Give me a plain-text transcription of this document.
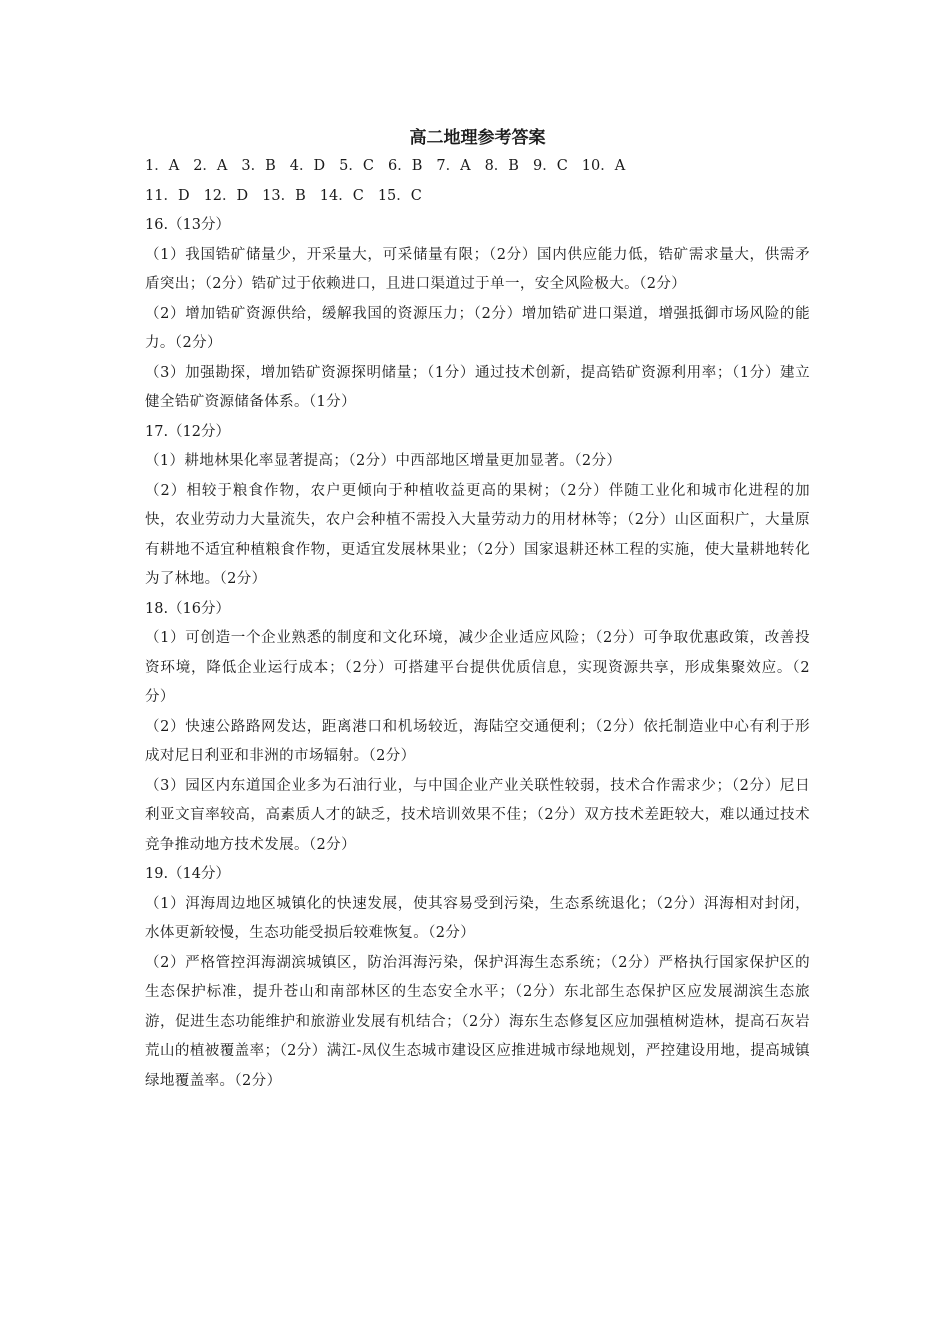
高二地理参考答案
1．A 2．A 3．B 4．D 5．C 6．B 7．A 8．B 9．C 10．A
11．D 12．D 13．B 14．C 15．C

16.（13分）

（1）我国锆矿储量少，开采量大，可采储量有限；（2分）国内供应能力低，锆矿需求量大，供需矛盾突出；（2分）锆矿过于依赖进口，且进口渠道过于单一，安全风险极大。（2分）

（2）增加锆矿资源供给，缓解我国的资源压力；（2分）增加锆矿进口渠道，增强抵御市场风险的能力。（2分）

（3）加强勘探，增加锆矿资源探明储量；（1分）通过技术创新，提高锆矿资源利用率；（1分）建立健全锆矿资源储备体系。（1分）

17.（12分）

（1）耕地林果化率显著提高；（2分）中西部地区增量更加显著。（2分）

（2）相较于粮食作物，农户更倾向于种植收益更高的果树；（2分）伴随工业化和城市化进程的加快，农业劳动力大量流失，农户会种植不需投入大量劳动力的用材林等；（2分）山区面积广，大量原有耕地不适宜种植粮食作物，更适宜发展林果业；（2分）国家退耕还林工程的实施，使大量耕地转化为了林地。（2分）

18.（16分）

（1）可创造一个企业熟悉的制度和文化环境，减少企业适应风险；（2分）可争取优惠政策，改善投资环境，降低企业运行成本；（2分）可搭建平台提供优质信息，实现资源共享，形成集聚效应。（2分）

（2）快速公路路网发达，距离港口和机场较近，海陆空交通便利；（2分）依托制造业中心有利于形成对尼日利亚和非洲的市场辐射。（2分）

（3）园区内东道国企业多为石油行业，与中国企业产业关联性较弱，技术合作需求少；（2分）尼日利亚文盲率较高，高素质人才的缺乏，技术培训效果不佳；（2分）双方技术差距较大，难以通过技术竞争推动地方技术发展。（2分）

19.（14分）

（1）洱海周边地区城镇化的快速发展，使其容易受到污染，生态系统退化；（2分）洱海相对封闭，水体更新较慢，生态功能受损后较难恢复。（2分）

（2）严格管控洱海湖滨城镇区，防治洱海污染，保护洱海生态系统；（2分）严格执行国家保护区的生态保护标准，提升苍山和南部林区的生态安全水平；（2分）东北部生态保护区应发展湖滨生态旅游，促进生态功能维护和旅游业发展有机结合；（2分）海东生态修复区应加强植树造林，提高石灰岩荒山的植被覆盖率；（2分）满江-凤仪生态城市建设区应推进城市绿地规划，严控建设用地，提高城镇绿地覆盖率。（2分）
